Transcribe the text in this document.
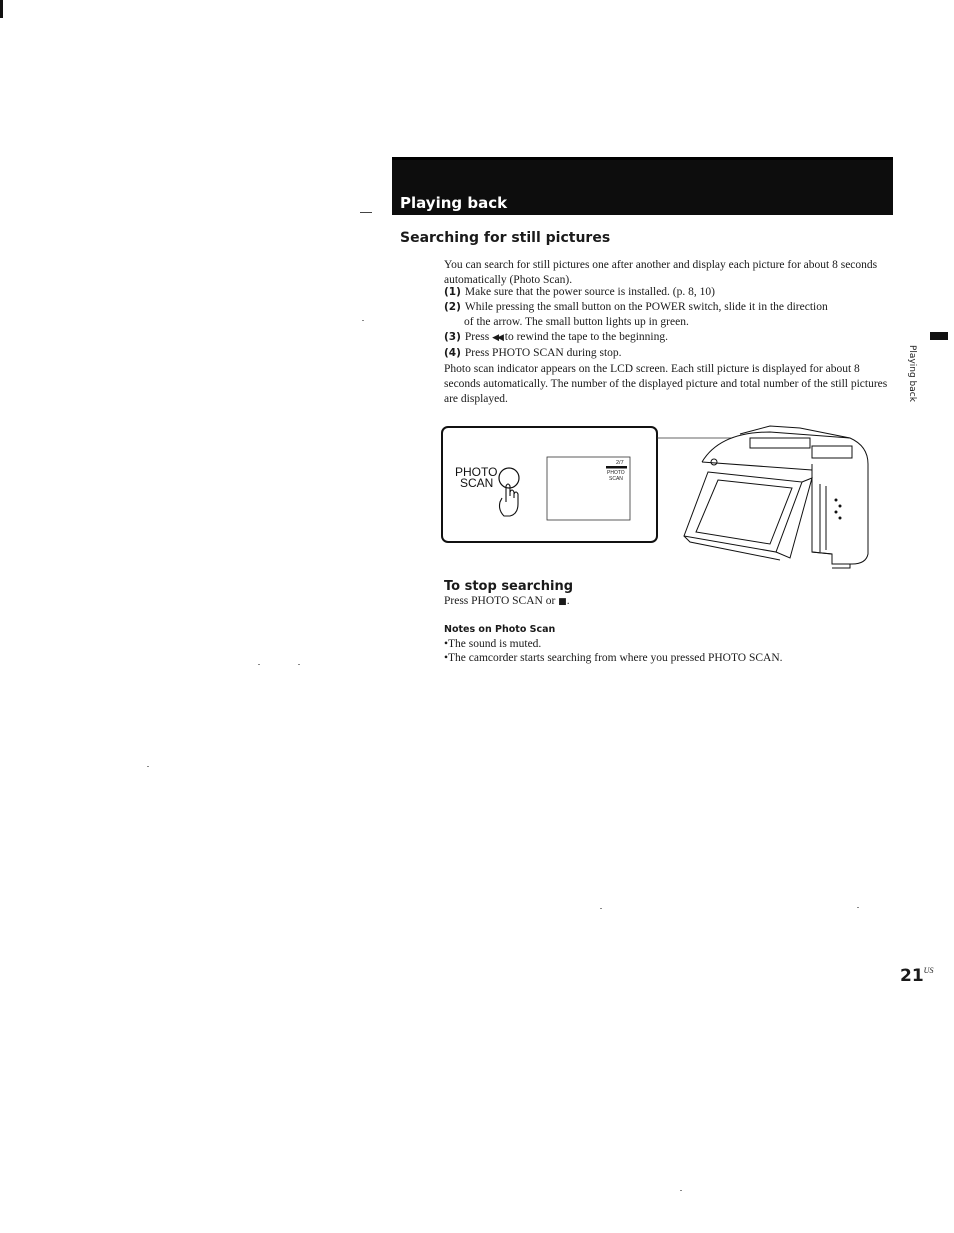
Playing back
Searching for still pictures
You can search for still pictures one after another and display each picture for about 8 seconds automatically (Photo Scan).
(1) Make sure that the power source is installed. (p. 8, 10)
(2) While pressing the small button on the POWER switch, slide it in the direction
of the arrow. The small button lights up in green.
(3) Press ◀◀ to rewind the tape to the beginning.
(4) Press PHOTO SCAN during stop.
Photo scan indicator appears on the LCD screen. Each still picture is displayed for about 8 seconds automatically. The number of the displayed picture and total number of the still pictures are displayed.	Playing back
PHOTO
SCAN
2/7
PHOTO
SCAN
To stop searching
Press PHOTO SCAN or ■.
Notes on Photo Scan
•The sound is muted.
•The camcorder starts searching from where you pressed PHOTO SCAN.
$21^{US}$
